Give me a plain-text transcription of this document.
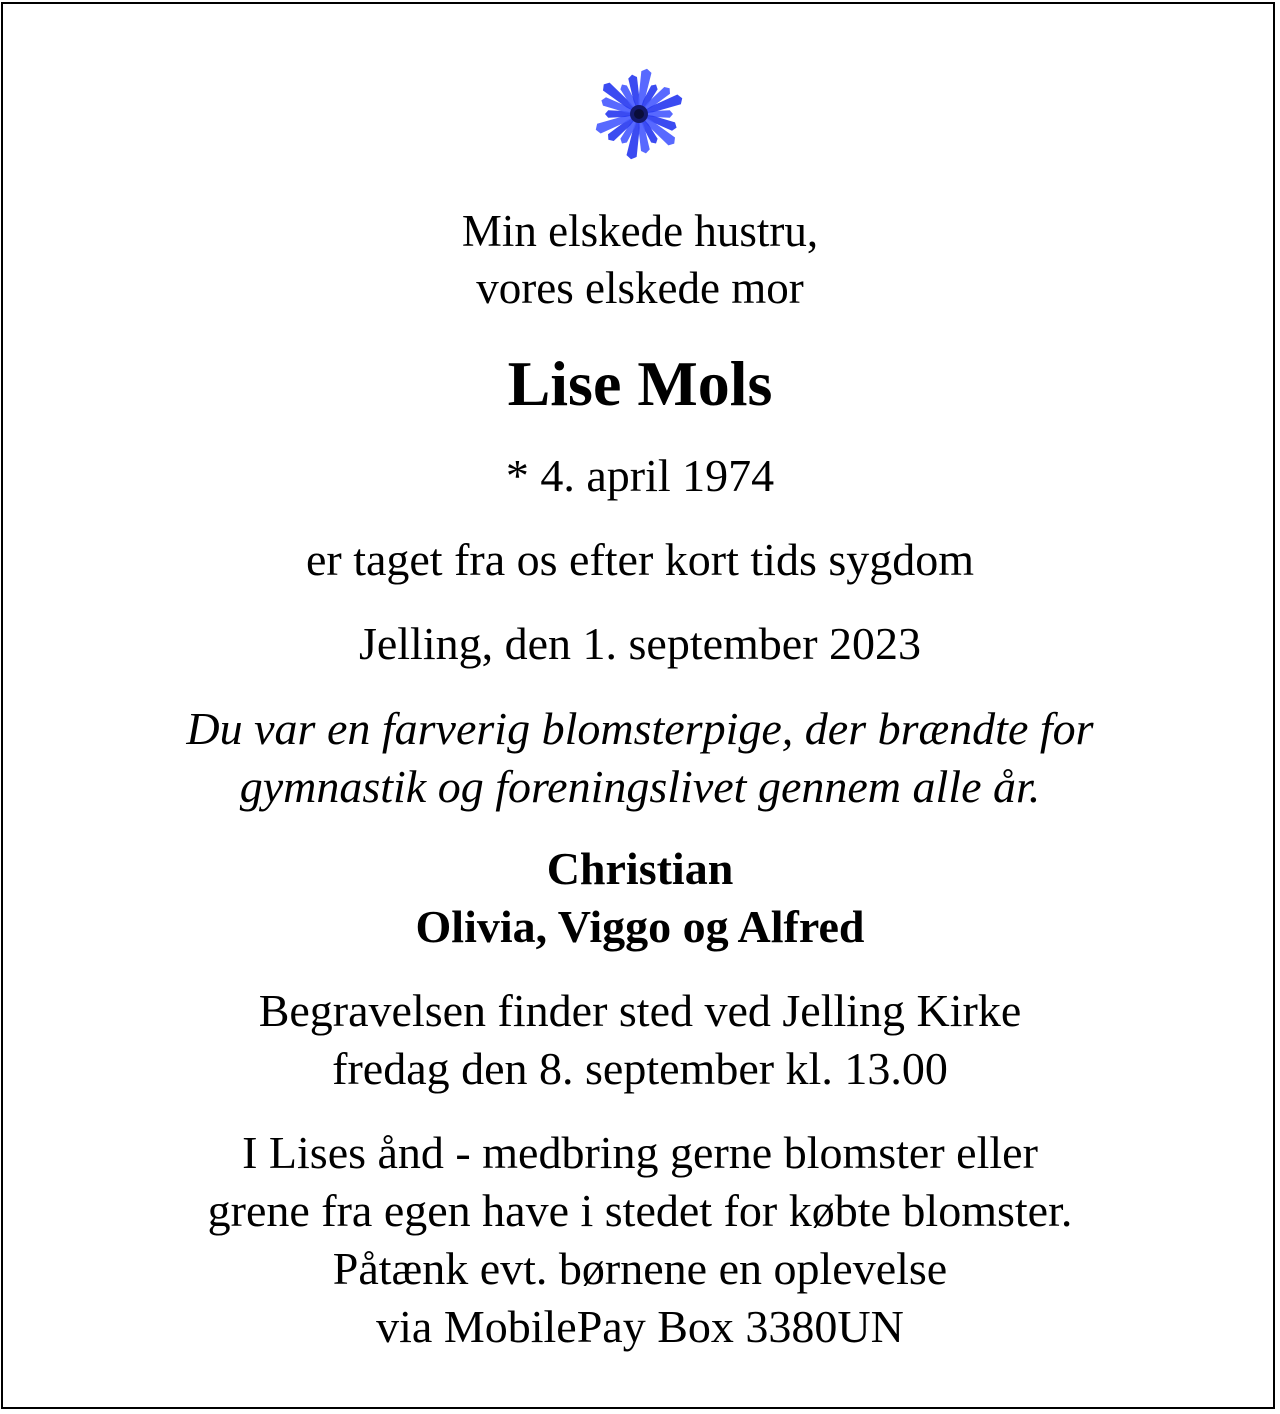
Min elskede hustru,
vores elskede mor
Lise Mols
* 4. april 1974
er taget fra os efter kort tids sygdom
Jelling, den 1. september 2023
Du var en farverig blomsterpige, der brændte for
gymnastik og foreningslivet gennem alle år.
Christian
Olivia, Viggo og Alfred
Begravelsen finder sted ved Jelling Kirke
fredag den 8. september kl. 13.00
I Lises ånd - medbring gerne blomster eller
grene fra egen have i stedet for købte blomster.
Påtænk evt. børnene en oplevelse
via MobilePay Box 3380UN
